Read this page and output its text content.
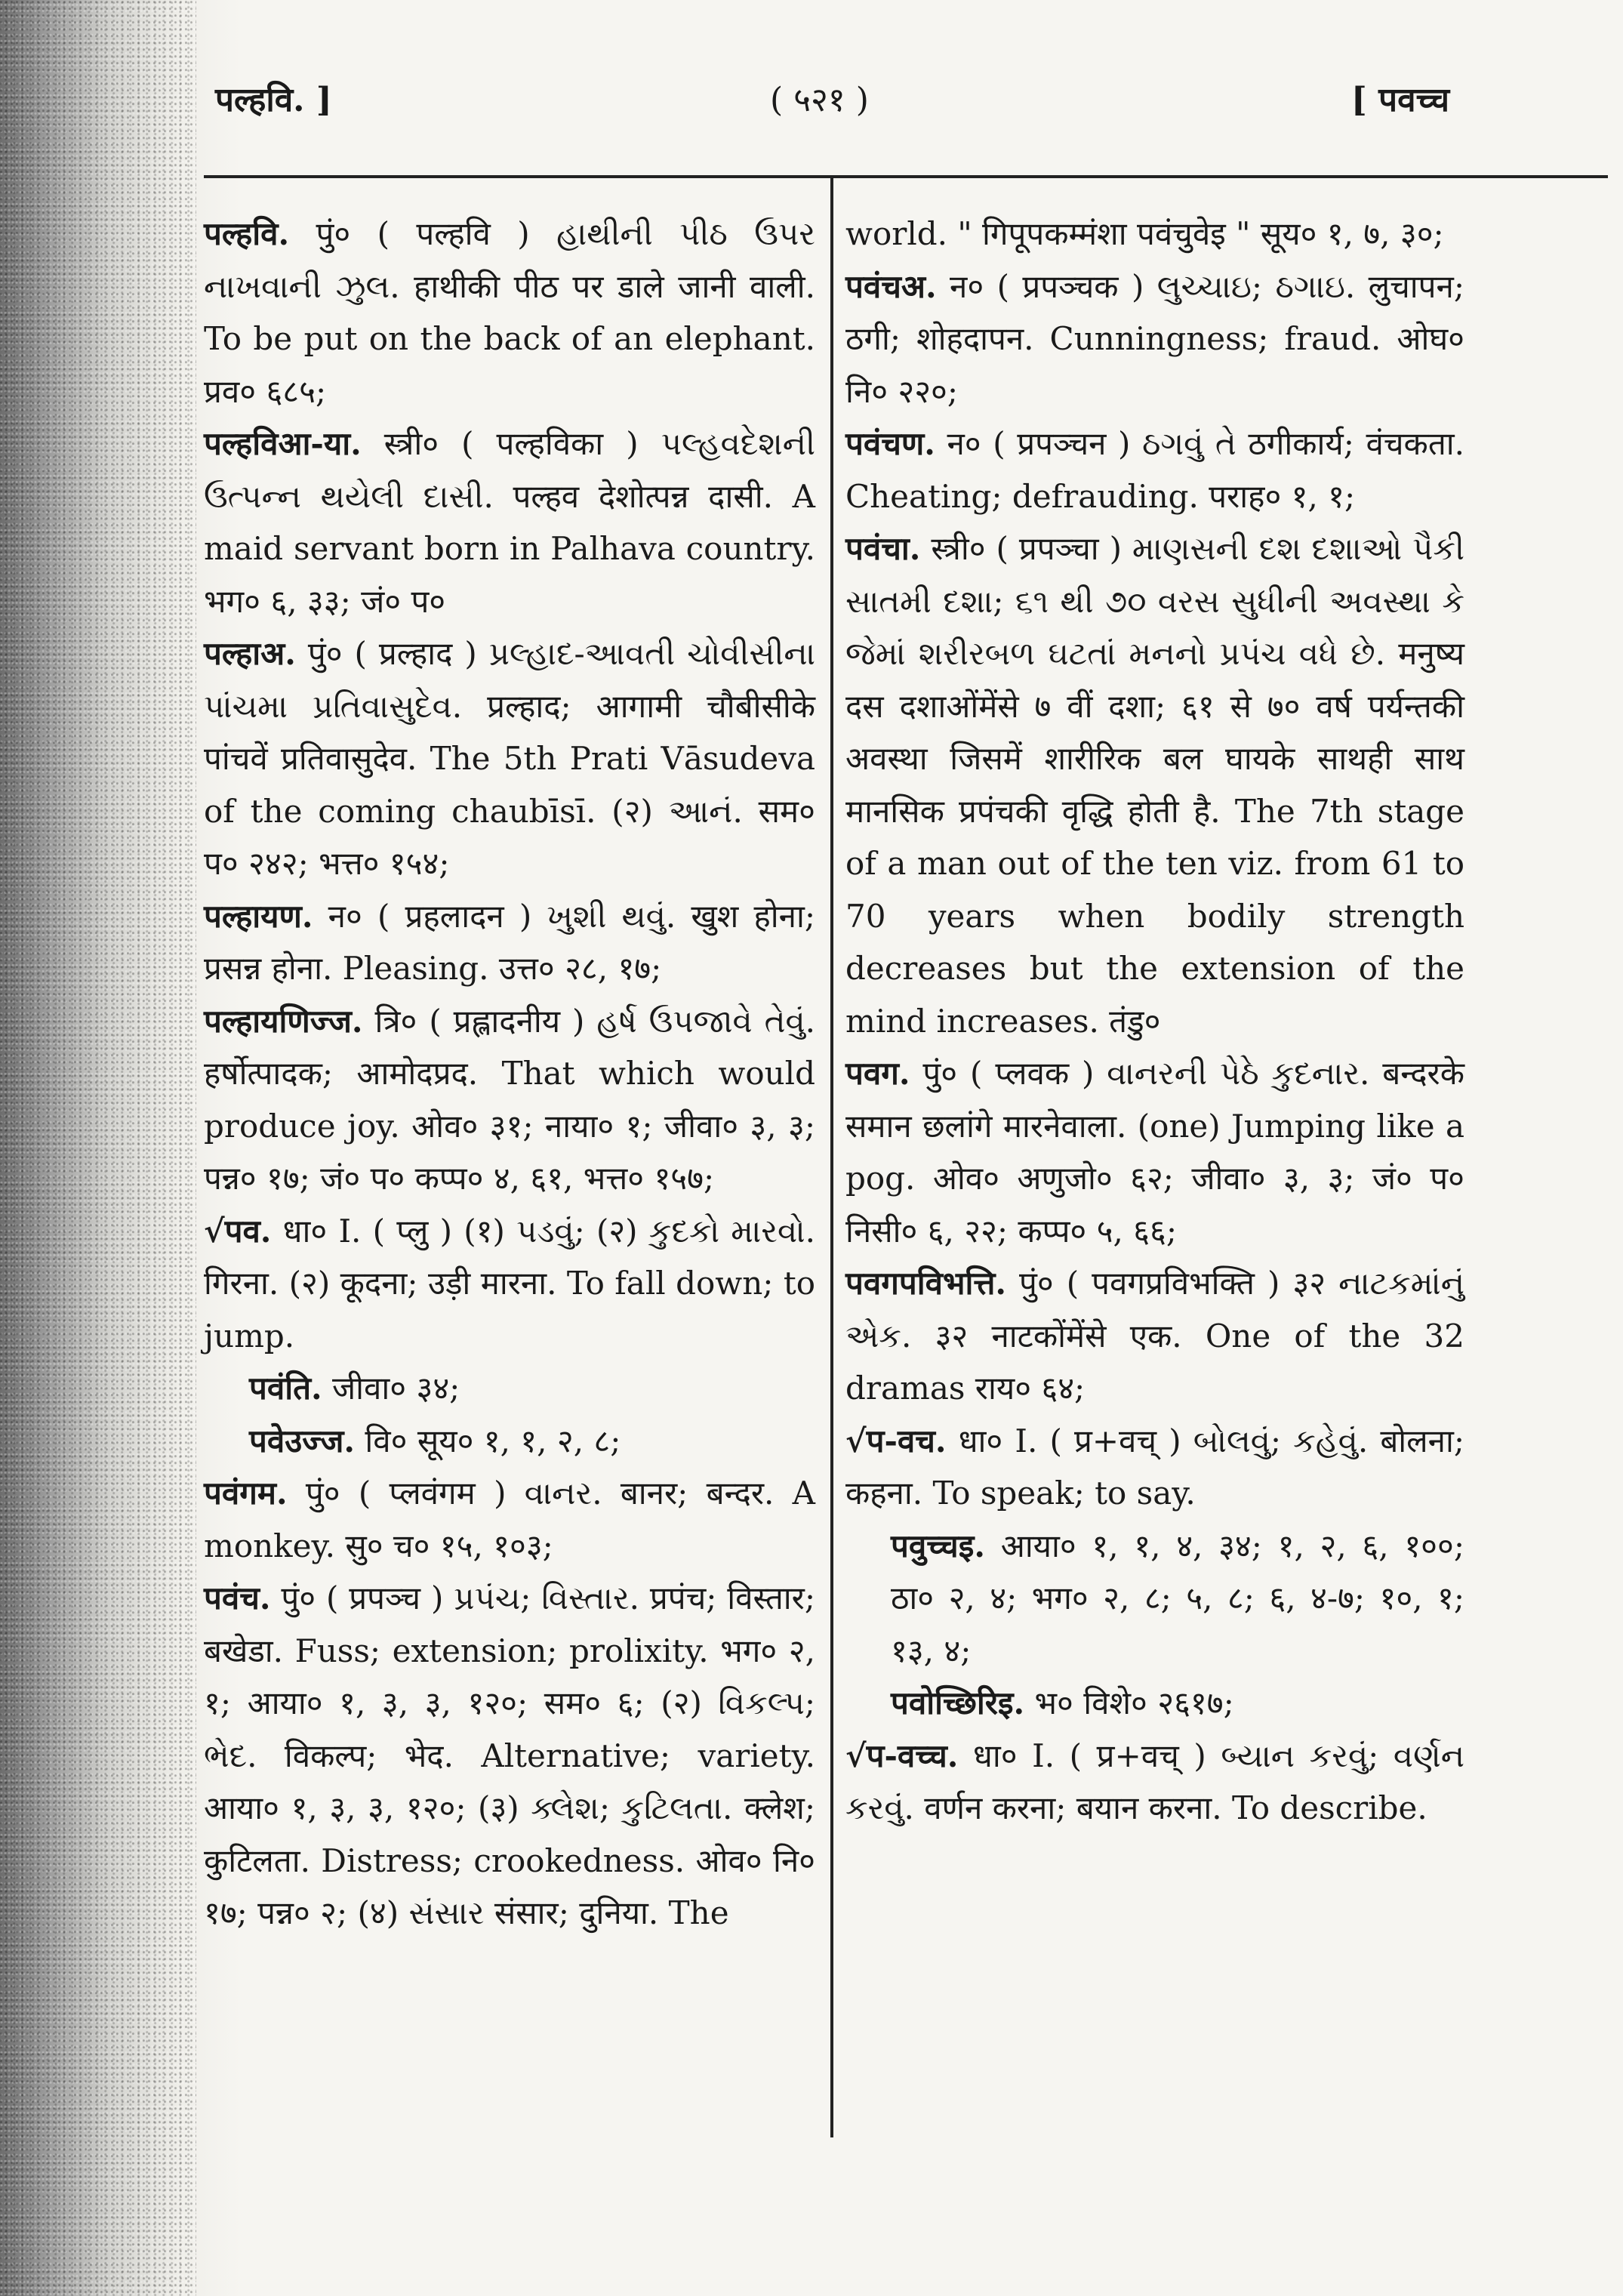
पल्हवि. ]	( ५२१ )	[ पवच्च

पल्हवि. पुं० ( पल्हवि ) હાથીની પીઠ ઉપર નાખવાની ઝુલ. हाथीकी पीठ पर डाले जानी वाली. To be put on the back of an elephant. प्रव० ६८५;

पल्हविआ-या. स्त्री० ( पल्हविका ) પલ્હવદેશની ઉત્પન્ન થયેલી દાસી. पल्हव देशोत्पन्न दासी. A maid servant born in Palhava country. भग० ६, ३३; जं० प०

पल्हाअ. पुं० ( प्रल्हाद ) પ્રલ્હાદ-આવતી ચોવીસીના પાંચમા પ્રતિવાસુદેવ. प्रल्हाद; आगामी चौबीसीके पांचवें प्रतिवासुदेव. The 5th Prati Vāsudeva of the coming chaubīsī. (२) આનં. सम० प० २४२; भत्त० १५४;

पल्हायण. न० ( प्रहलादन ) ખુશી થવું. खुश होना; प्रसन्न होना. Pleasing. उत्त० २८, १७;

पल्हायणिज्ज. त्रि० ( प्रह्लादनीय ) હર્ષ ઉપજાવે તેવું. हर्षोत्पादक; आमोदप्रद. That which would produce joy. ओव० ३१; नाया० १; जीवा० ३, ३; पन्न० १७; जं० प० कप्प० ४, ६१, भत्त० १५७;

√पव. धा० I. ( प्लु ) (१) પડવું; (२) કુદકો મારવો. गिरना. (२) कूदना; उड़ी मारना. To fall down; to jump.

पवंति. जीवा० ३४;

पवेउज्ज. वि० सूय० १, १, २, ८;

पवंगम. पुं० ( प्लवंगम ) વાનર. बानर; बन्दर. A monkey. सु० च० १५, १०३;

पवंच. पुं० ( प्रपञ्च ) પ્રપંચ; વિસ્તાર. प्रपंच; विस्तार; बखेडा. Fuss; extension; prolixity. भग० २, १; आया० १, ३, ३, १२०; सम० ६; (२) વિકલ્પ; ભેદ. विकल्प; भेद. Alternative; variety. आया० १, ३, ३, १२०; (३) ક્લેશ; કુટિલતા. क्लेश; कुटिलता. Distress; crookedness. ओव० नि० १७; पन्न० २; (४) સંસાર संसार; दुनिया. The

world. " गिपूपकम्मंशा पवंचुवेइ " सूय० १, ७, ३०;

पवंचअ. न० ( प्रपञ्चक ) લુચ્ચાઇ; ઠગાઇ. लुचापन; ठगी; शोहदापन. Cunningness; fraud. ओघ० नि० २२०;

पवंचण. न० ( प्रपञ्चन ) ઠગવું તે ठगीकार्य; वंचकता. Cheating; defrauding. पराह० १, १;

पवंचा. स्त्री० ( प्रपञ्चा ) માણસની દશ દશાઓ પૈકી સાતમી દશા; ૬૧ થી ૭૦ વરસ સુધીની અવસ્થા કે જેમાં શરીરબળ ઘટતાં મનનો પ્રપંચ વધે છે. मनुष्य दस दशाओंमेंसे ७ वीं दशा; ६१ से ७० वर्ष पर्यन्तकी अवस्था जिसमें शारीरिक बल घायके साथही साथ मानसिक प्रपंचकी वृद्धि होती है. The 7th stage of a man out of the ten viz. from 61 to 70 years when bodily strength decreases but the extension of the mind increases. तंडु०

पवग. पुं० ( प्लवक ) વાનરની પેઠે કુદનાર. बन्दरके समान छलांगे मारनेवाला. (one) Jumping like a pog. ओव० अणुजो० ६२; जीवा० ३, ३; जं० प० निसी० ६, २२; कप्प० ५, ६६;

पवगपविभत्ति. पुं० ( पवगप्रविभक्ति ) ३२ નાટકમાંનું એક. ३२ नाटकोंमेंसे एक. One of the 32 dramas राय० ६४;

√प-वच. धा० I. ( प्र+वच् ) બોલવું; કહેવું. बोलना; कहना. To speak; to say.

पवुच्चइ. आया० १, १, ४, ३४; १, २, ६, १००; ठा० २, ४; भग० २, ८; ५, ८; ६, ४-७; १०, १; १३, ४;

पवोच्छिरिइ. भ० विशे० २६१७;

√प-वच्च. धा० I. ( प्र+वच् ) બ્યાન કરવું; વર્ણન કરવું. वर्णन करना; बयान करना. To describe.
